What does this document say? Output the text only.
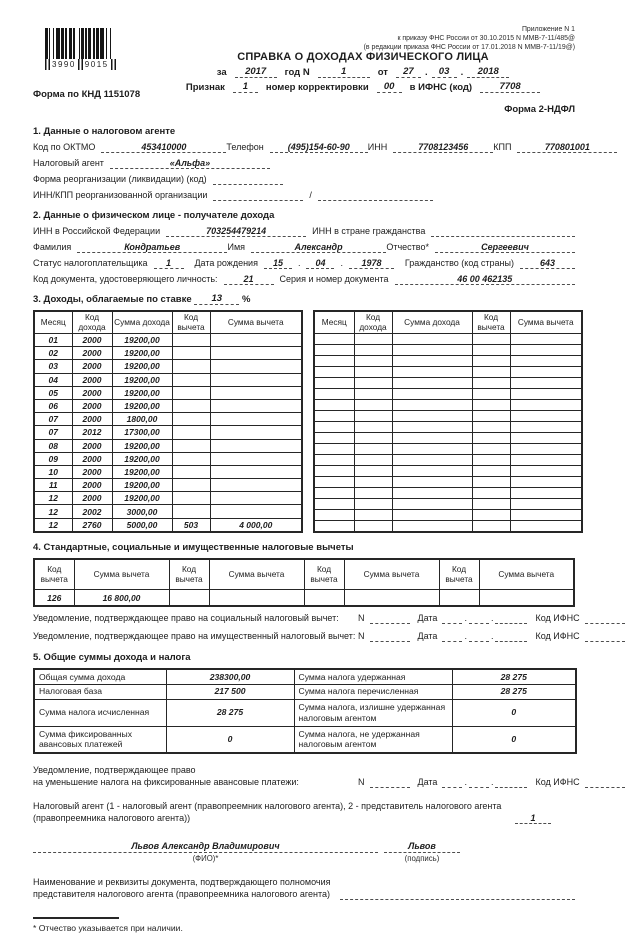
3990 9015
Приложение N 1
к приказу ФНС России от 30.10.2015 N ММВ-7-11/485@
(в редакции приказа ФНС России от 17.01.2018 N ММВ-7-11/19@)
СПРАВКА О ДОХОДАХ ФИЗИЧЕСКОГО ЛИЦА
за	2017	год N	1	от	27	.	03	.	2018
Признак	1	номер корректировки	00	в ИФНС (код)	7708
Форма по КНД 1151078
Форма 2-НДФЛ
1. Данные о налоговом агенте
Код по ОКТМО	453410000	Телефон	(495)154-60-90	ИНН	7708123456	КПП	770801001
Налоговый агент	«Альфа»
Форма реорганизации (ликвидации) (код)
ИНН/КПП реорганизованной организации	/
2. Данные о физическом лице - получателе дохода
ИНН в Российской Федерации	703254479214	ИНН в стране гражданства
Фамилия	Кондратьев	Имя	Александр	Отчество*	Сергеевич
Статус налогоплательщика	1	Дата рождения	15	.	04	.	1978	Гражданство (код страны)	643
Код документа, удостоверяющего личность:	21	Серия и номер документа	46 00 462135
3. Доходы, облагаемые по ставке 13 %
Месяц	Код дохода	Сумма дохода	Код вычета	Сумма вычета
01	2000	19200,00		
02	2000	19200,00		
03	2000	19200,00		
04	2000	19200,00		
05	2000	19200,00		
06	2000	19200,00		
07	2000	1800,00		
07	2012	17300,00		
08	2000	19200,00		
09	2000	19200,00		
10	2000	19200,00		
11	2000	19200,00		
12	2000	19200,00		
12	2002	3000,00		
12	2760	5000,00	503	4 000,00
Месяц	Код дохода	Сумма дохода	Код вычета	Сумма вычета

4. Стандартные, социальные и имущественные налоговые вычеты
Код вычета	Сумма вычета	Код вычета	Сумма вычета	Код вычета	Сумма вычета	Код вычета	Сумма вычета
126	16 800,00						
Уведомление, подтверждающее право на социальный налоговый вычет: N	Дата	.	.	Код ИФНС
Уведомление, подтверждающее право на имущественный налоговый вычет: N	Дата	.	.	Код ИФНС
5. Общие суммы дохода и налога
Общая сумма дохода	238300,00	Сумма налога удержанная	28 275
Налоговая база	217 500	Сумма налога перечисленная	28 275
Сумма налога исчисленная	28 275	Сумма налога, излишне удержанная налоговым агентом	0
Сумма фиксированных авансовых платежей	0	Сумма налога, не удержанная налоговым агентом	0
Уведомление, подтверждающее право
на уменьшение налога на фиксированные авансовые платежи:	N	Дата	.	.	Код ИФНС
Налоговый агент (1 - налоговый агент (правопреемник налогового агента), 2 - представитель налогового агента
(правопреемника налогового агента))	1
Львов Александр Владимирович
(ФИО)*
Львов
(подпись)
Наименование и реквизиты документа, подтверждающего полномочия
представителя налогового агента (правопреемника налогового агента)
* Отчество указывается при наличии.
